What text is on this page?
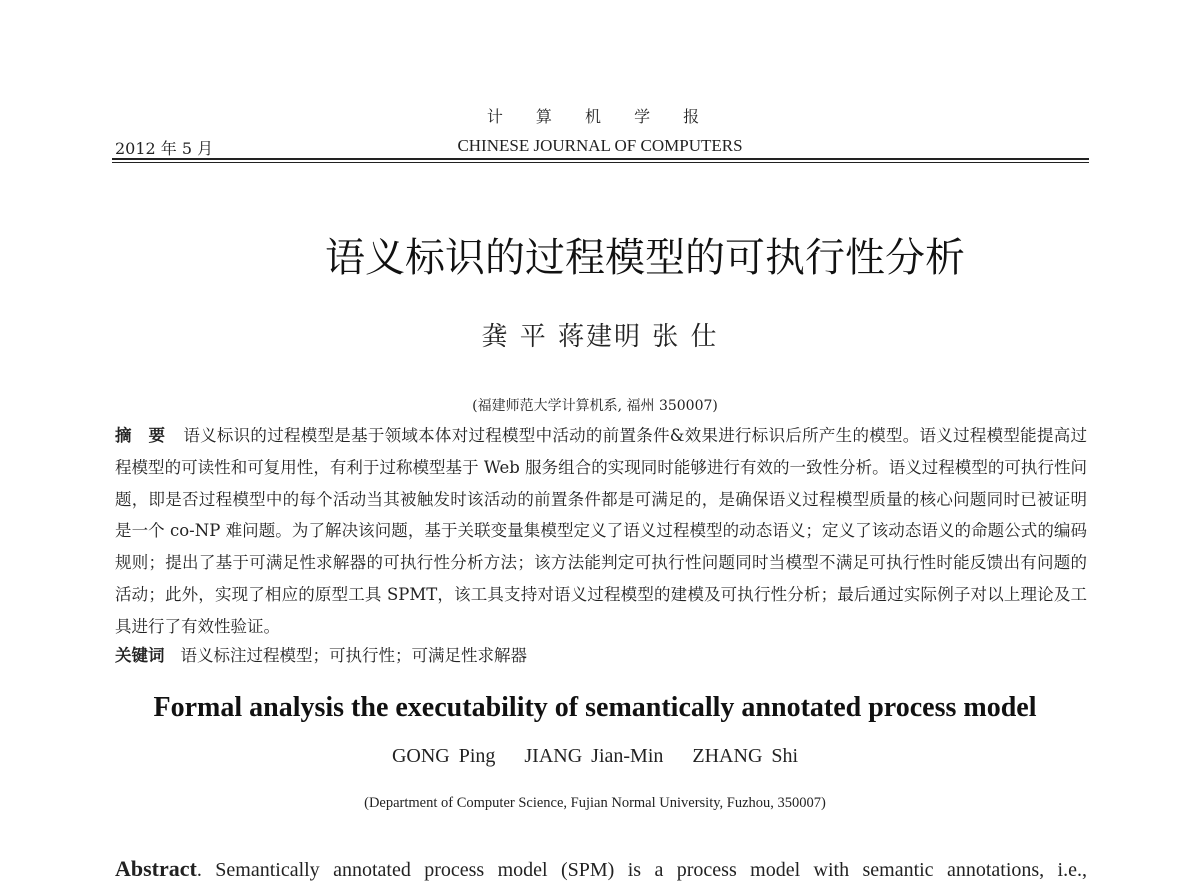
计 算 机 学 报
2012 年 5 月	CHINESE JOURNAL OF COMPUTERS
语义标识的过程模型的可执行性分析
龚 平 蒋建明 张 仕
(福建师范大学计算机系, 福州 350007)
摘　要 语义标识的过程模型是基于领域本体对过程模型中活动的前置条件&效果进行标识后所产生的模型。语义过程模型能提高过程模型的可读性和可复用性，有利于过称模型基于 Web 服务组合的实现同时能够进行有效的一致性分析。语义过程模型的可执行性问题，即是否过程模型中的每个活动当其被触发时该活动的前置条件都是可满足的，是确保语义过程模型质量的核心问题同时已被证明是一个 co-NP 难问题。为了解决该问题，基于关联变量集模型定义了语义过程模型的动态语义；定义了该动态语义的命题公式的编码规则；提出了基于可满足性求解器的可执行性分析方法；该方法能判定可执行性问题同时当模型不满足可执行性时能反馈出有问题的活动；此外，实现了相应的原型工具 SPMT，该工具支持对语义过程模型的建模及可执行性分析；最后通过实际例子对以上理论及工具进行了有效性验证。
关键词 语义标注过程模型；可执行性；可满足性求解器
Formal analysis the executability of semantically annotated process model
GONG Ping JIANG Jian-Min ZHANG Shi
(Department of Computer Science, Fujian Normal University, Fuzhou, 350007)
Abstract. Semantically annotated process model (SPM) is a process model with semantic annotations, i.e.,
